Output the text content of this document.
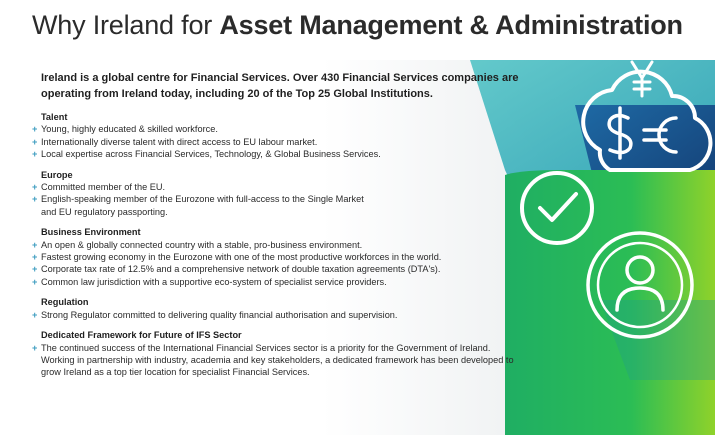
Why Ireland for Asset Management & Administration
Ireland is a global centre for Financial Services. Over 430 Financial Services companies are operating from Ireland today, including 20 of the Top 25 Global Institutions.
Talent
+ Young, highly educated & skilled workforce.
+ Internationally diverse talent with direct access to EU labour market.
+ Local expertise across Financial Services, Technology, & Global Business Services.
Europe
+ Committed member of the EU.
+ English-speaking member of the Eurozone with full-access to the Single Market and EU regulatory passporting.
Business Environment
+ An open & globally connected country with a stable, pro-business environment.
+ Fastest growing economy in the Eurozone with one of the most productive workforces in the world.
+ Corporate tax rate of 12.5% and a comprehensive network of double taxation agreements (DTA's).
+ Common law jurisdiction with a supportive eco-system of specialist service providers.
Regulation
+ Strong Regulator committed to delivering quality financial authorisation and supervision.
Dedicated Framework for Future of IFS Sector
+ The continued success of the International Financial Services sector is a priority for the Government of Ireland. Working in partnership with industry, academia and key stakeholders, a dedicated framework has been developed to grow Ireland as a top tier location for specialist Financial Services.
